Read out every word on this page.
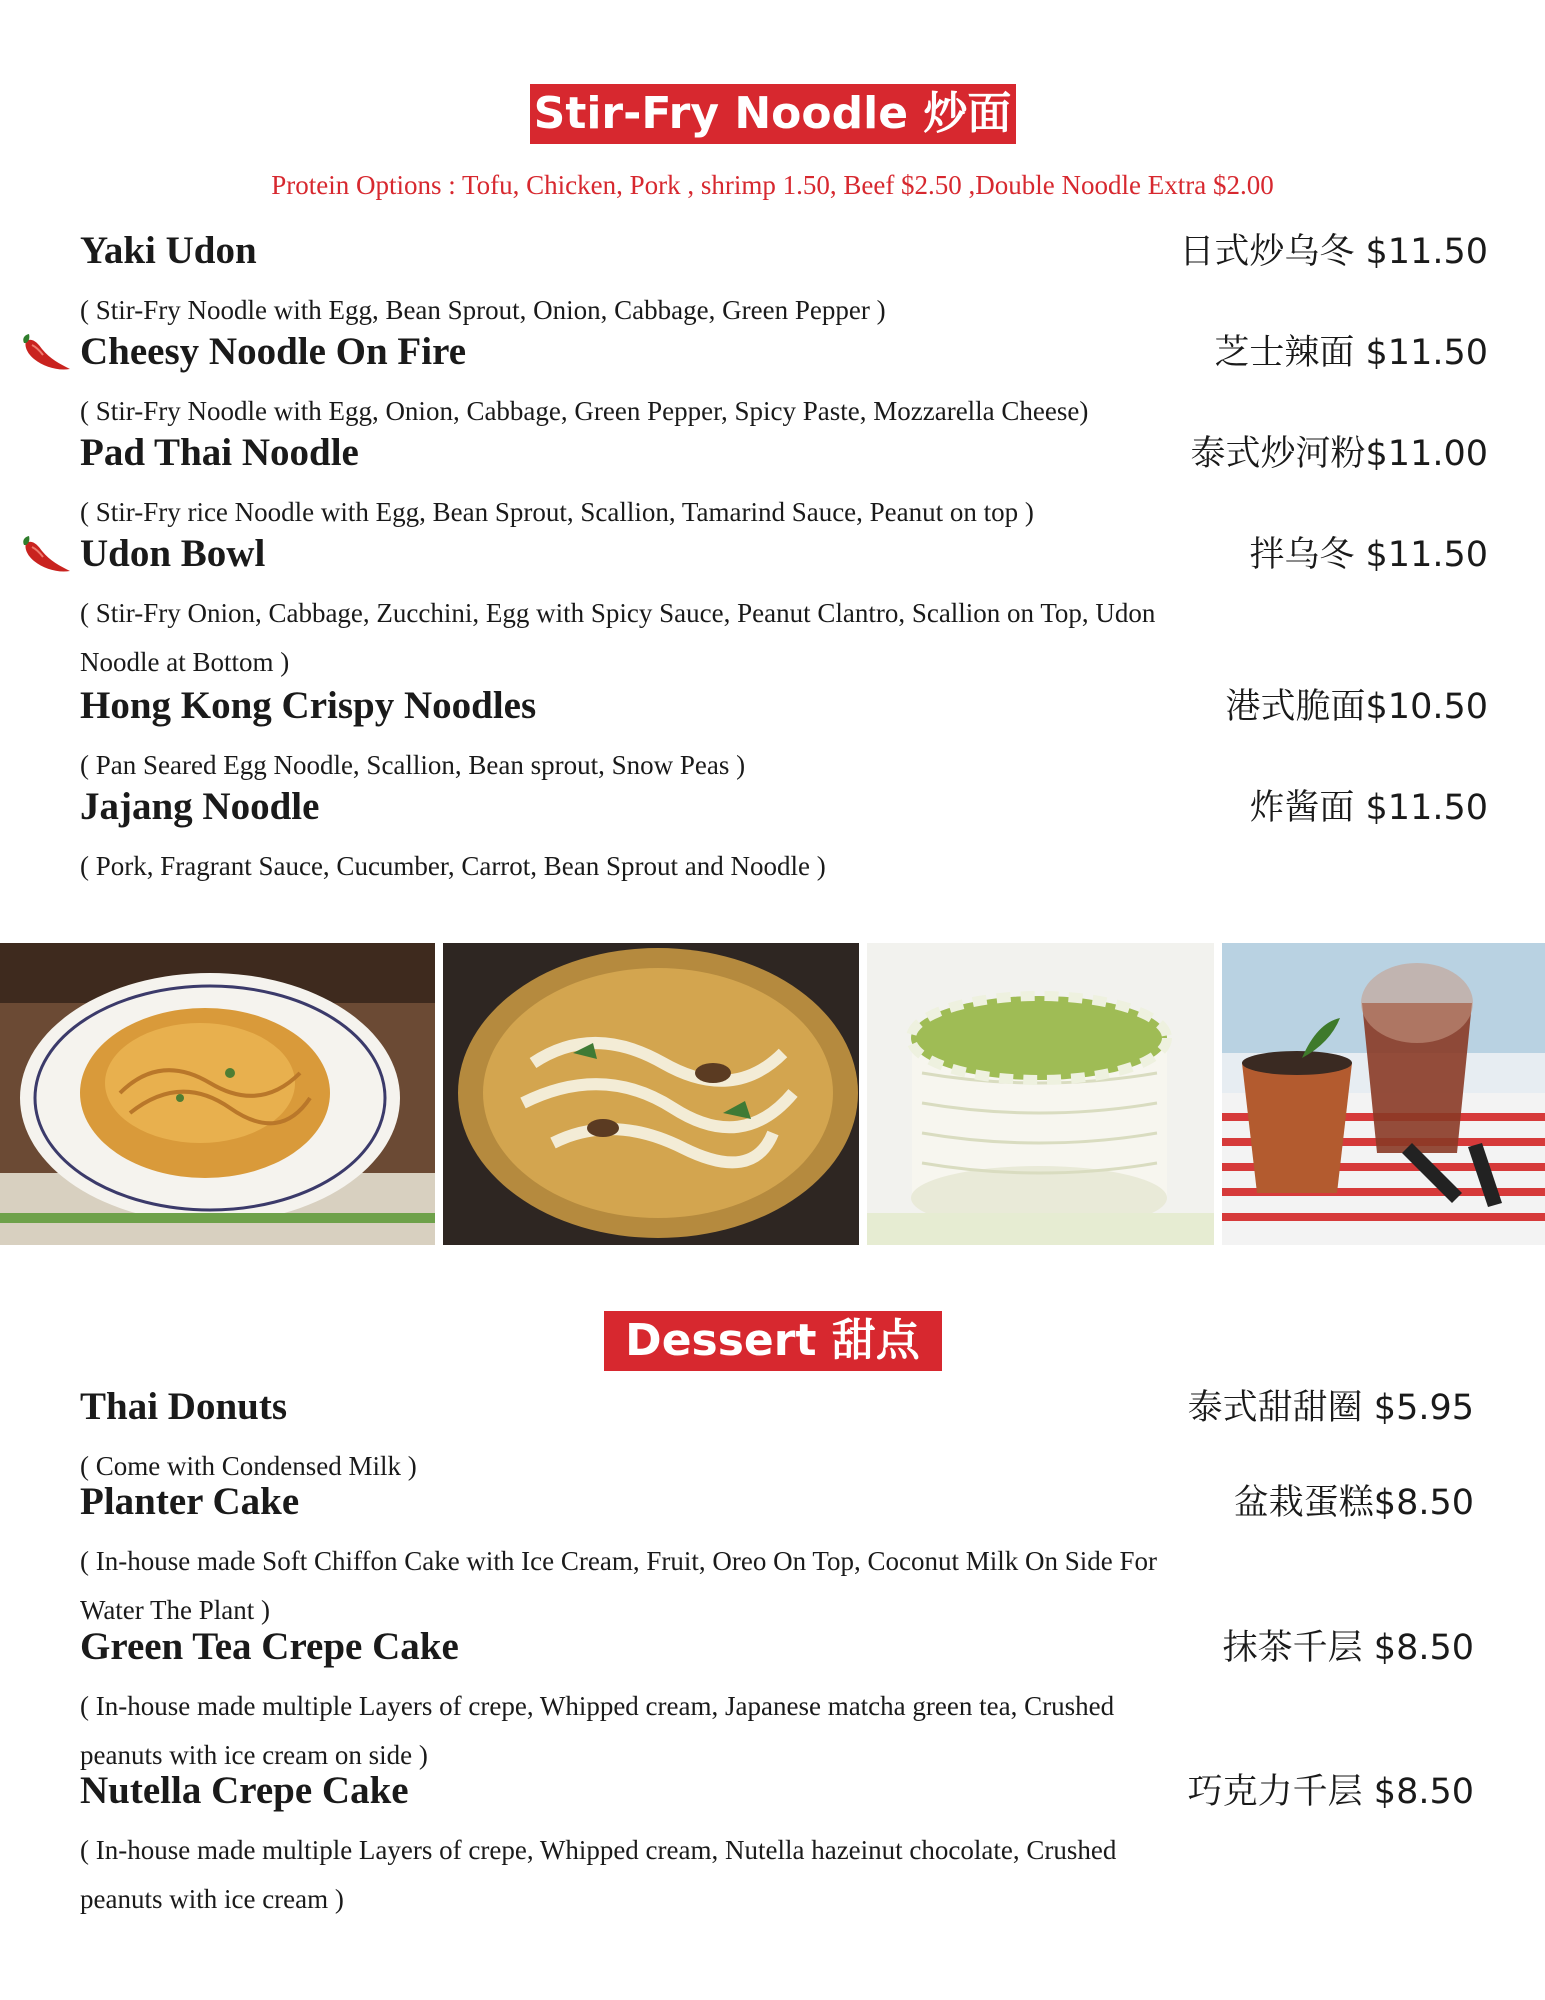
Stir-Fry Noodle 炒面
Protein Options : Tofu, Chicken, Pork , shrimp 1.50, Beef $2.50 ,Double Noodle Extra $2.00
Yaki Udon	日式炒乌冬 $11.50
( Stir-Fry Noodle with Egg, Bean Sprout, Onion, Cabbage, Green Pepper )
Cheesy Noodle On Fire	芝士辣面 $11.50
( Stir-Fry Noodle with Egg, Onion, Cabbage, Green Pepper, Spicy Paste, Mozzarella Cheese)
Pad Thai Noodle	泰式炒河粉$11.00
( Stir-Fry rice Noodle with Egg, Bean Sprout, Scallion, Tamarind Sauce, Peanut on top )
Udon Bowl	拌乌冬 $11.50
( Stir-Fry Onion, Cabbage, Zucchini, Egg with Spicy Sauce, Peanut Clantro, Scallion on Top, Udon Noodle at Bottom )
Hong Kong Crispy Noodles	港式脆面$10.50
( Pan Seared Egg Noodle, Scallion, Bean sprout, Snow Peas )
Jajang Noodle	炸酱面 $11.50
( Pork, Fragrant Sauce, Cucumber, Carrot, Bean Sprout and Noodle )
Dessert 甜点
Thai Donuts	泰式甜甜圈 $5.95
( Come with Condensed Milk )
Planter Cake	盆栽蛋糕$8.50
( In-house made Soft Chiffon Cake with Ice Cream, Fruit, Oreo On Top, Coconut Milk On Side For Water The Plant )
Green Tea Crepe Cake	抹茶千层 $8.50
( In-house made multiple Layers of crepe, Whipped cream, Japanese matcha green tea, Crushed peanuts with ice cream on side )
Nutella Crepe Cake	巧克力千层 $8.50
( In-house made multiple Layers of crepe, Whipped cream, Nutella hazeinut chocolate, Crushed peanuts with ice cream )
